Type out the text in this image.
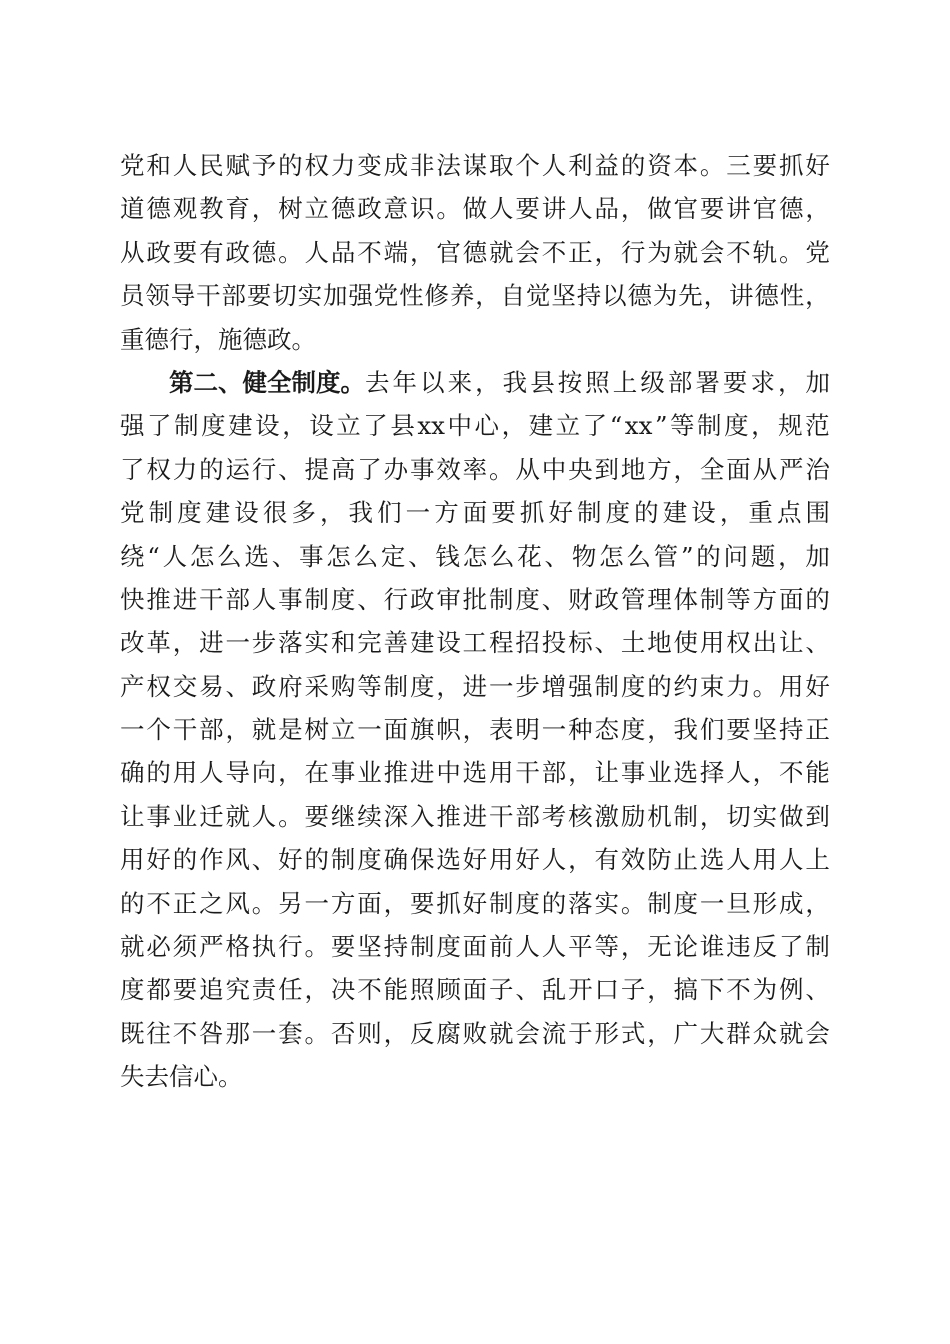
党 和 人 民 赋 予 的 权 力 变 成 非 法 谋 取 个 人 利 益 的 资 本 。 三 要 抓 好
道 德 观 教 育 ， 树 立 德 政 意 识 。 做 人 要 讲 人 品 ， 做 官 要 讲 官 德 ，
从 政 要 有 政 德 。 人 品 不 端 ， 官 德 就 会 不 正 ， 行 为 就 会 不 轨 。 党
员 领 导 干 部 要 切 实 加 强 党 性 修 养 ， 自 觉 坚 持 以 德 为 先 ， 讲 德 性 ，
重 德 行 ， 施 德 政 。
第二、健全制度。 去 年 以 来 ， 我 县 按 照 上 级 部 署 要 求 ， 加
强 了 制 度 建 设 ， 设 立 了 县 xx 中 心 ， 建 立 了 “ xx ” 等 制 度 ， 规 范
了 权 力 的 运 行 、 提 高 了 办 事 效 率 。 从 中 央 到 地 方 ， 全 面 从 严 治
党 制 度 建 设 很 多 ， 我 们 一 方 面 要 抓 好 制 度 的 建 设 ， 重 点 围
绕 “ 人 怎 么 选 、 事 怎 么 定 、 钱 怎 么 花 、 物 怎 么 管 ” 的 问 题 ， 加
快 推 进 干 部 人 事 制 度 、 行 政 审 批 制 度 、 财 政 管 理 体 制 等 方 面 的
改 革 ， 进 一 步 落 实 和 完 善 建 设 工 程 招 投 标 、 土 地 使 用 权 出 让 、
产 权 交 易 、 政 府 采 购 等 制 度 ， 进 一 步 增 强 制 度 的 约 束 力 。 用 好
一 个 干 部 ， 就 是 树 立 一 面 旗 帜 ， 表 明 一 种 态 度 ， 我 们 要 坚 持 正
确 的 用 人 导 向 ， 在 事 业 推 进 中 选 用 干 部 ， 让 事 业 选 择 人 ， 不 能
让 事 业 迁 就 人 。 要 继 续 深 入 推 进 干 部 考 核 激 励 机 制 ， 切 实 做 到
用 好 的 作 风 、 好 的 制 度 确 保 选 好 用 好 人 ， 有 效 防 止 选 人 用 人 上
的 不 正 之 风 。 另 一 方 面 ， 要 抓 好 制 度 的 落 实 。 制 度 一 旦 形 成 ，
就 必 须 严 格 执 行 。 要 坚 持 制 度 面 前 人 人 平 等 ， 无 论 谁 违 反 了 制
度 都 要 追 究 责 任 ， 决 不 能 照 顾 面 子 、 乱 开 口 子 ， 搞 下 不 为 例 、
既 往 不 咎 那 一 套 。 否 则 ， 反 腐 败 就 会 流 于 形 式 ， 广 大 群 众 就 会
失 去 信 心 。
